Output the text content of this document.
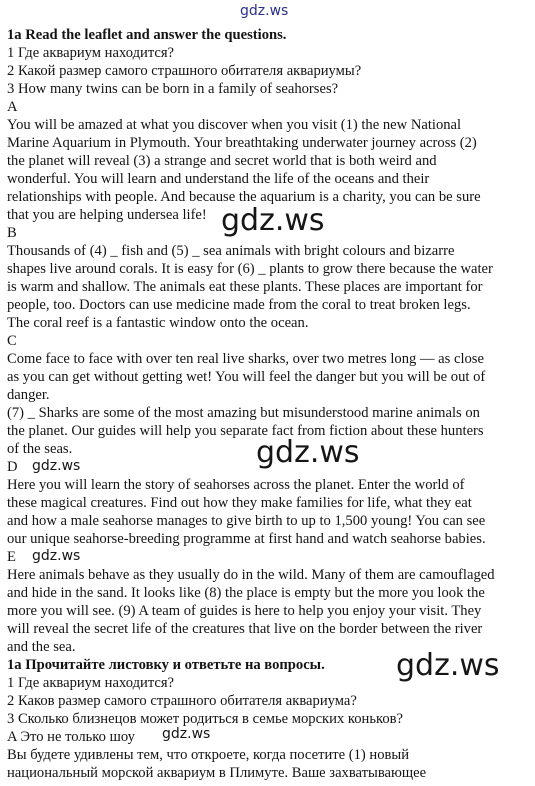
1a Read the leaflet and answer the questions.
1 Где аквариум находится?
2 Какой размер самого страшного обитателя аквариумы?
3 How many twins can be born in a family of seahorses?
A
You will be amazed at what you discover when you visit (1) the new National
Marine Aquarium in Plymouth. Your breathtaking underwater journey across (2)
the planet will reveal (3) a strange and secret world that is both weird and
wonderful. You will learn and understand the life of the oceans and their
relationships with people. And because the aquarium is a charity, you can be sure
that you are helping undersea life!
B
Thousands of (4) _ fish and (5) _ sea animals with bright colours and bizarre
shapes live around corals. It is easy for (6) _ plants to grow there because the water
is warm and shallow. The animals eat these plants. These places are important for
people, too. Doctors can use medicine made from the coral to treat broken legs.
The coral reef is a fantastic window onto the ocean.
C
Come face to face with over ten real live sharks, over two metres long — as close
as you can get without getting wet! You will feel the danger but you will be out of
danger.
(7) _ Sharks are some of the most amazing but misunderstood marine animals on
the planet. Our guides will help you separate fact from fiction about these hunters
of the seas.
D
Here you will learn the story of seahorses across the planet. Enter the world of
these magical creatures. Find out how they make families for life, what they eat
and how a male seahorse manages to give birth to up to 1,500 young! You can see
our unique seahorse-breeding programme at first hand and watch seahorse babies.
E
Here animals behave as they usually do in the wild. Many of them are camouflaged
and hide in the sand. It looks like (8) the place is empty but the more you look the
more you will see. (9) A team of guides is here to help you enjoy your visit. They
will reveal the secret life of the creatures that live on the border between the river
and the sea.
1a Прочитайте листовку и ответьте на вопросы.
1 Где аквариум находится?
2 Каков размер самого страшного обитателя аквариума?
3 Сколько близнецов может родиться в семье морских коньков?
A Это не только шоу
Вы будете удивлены тем, что откроете, когда посетите (1) новый
национальный морской аквариум в Плимуте. Ваше захватывающее
gdz.ws
gdz.ws
gdz.ws
gdz.ws
gdz.ws
gdz.ws
gdz.ws
